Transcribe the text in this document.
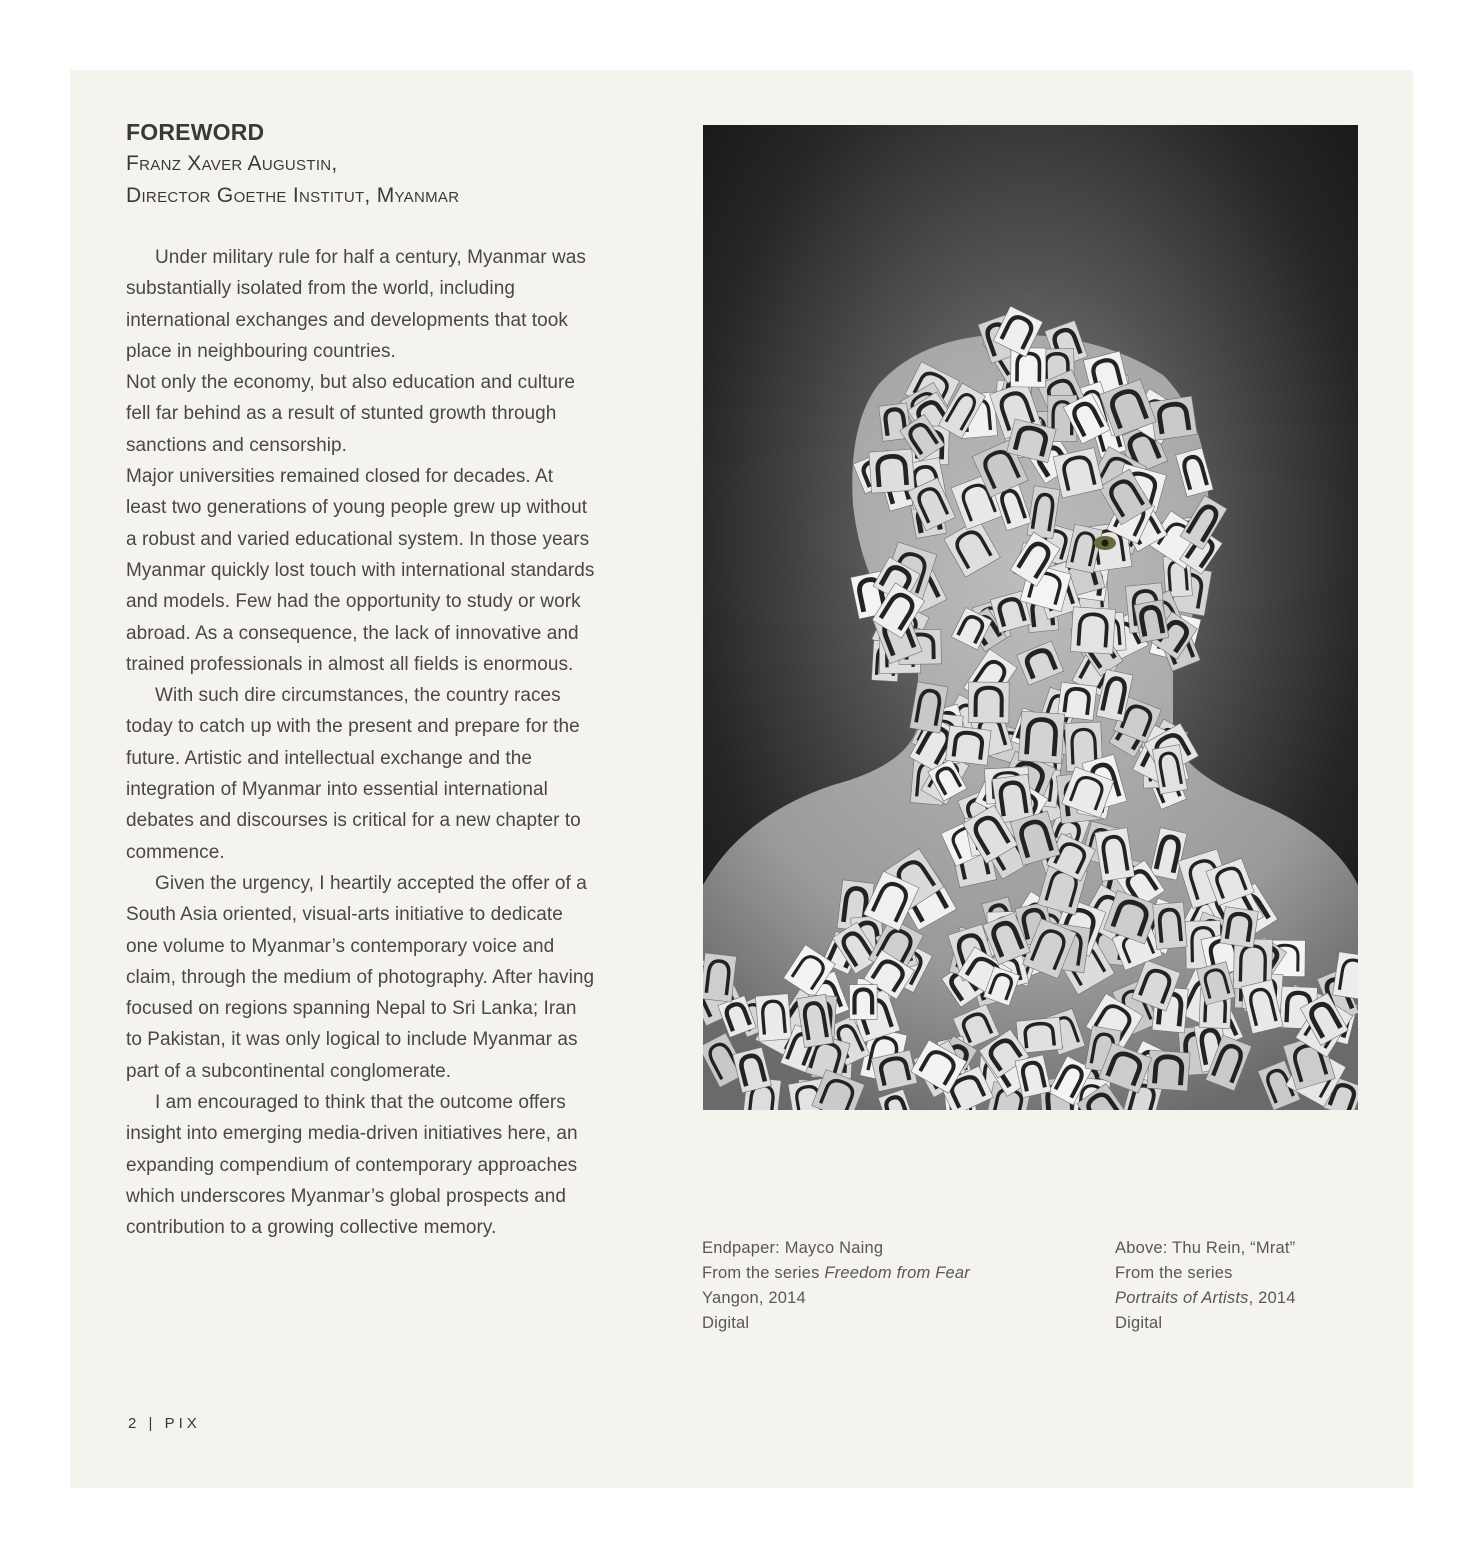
FOREWORD

Franz Xaver Augustin,

Director Goethe Institut, Myanmar

Under military rule for half a century, Myanmar was substantially isolated from the world, including international exchanges and developments that took place in neighbouring countries.

Not only the economy, but also education and culture fell far behind as a result of stunted growth through sanctions and censorship.

Major universities remained closed for decades. At least two generations of young people grew up without a robust and varied educational system. In those years Myanmar quickly lost touch with international standards and models. Few had the opportunity to study or work abroad. As a consequence, the lack of innovative and trained professionals in almost all fields is enormous.

With such dire circumstances, the country races today to catch up with the present and prepare for the future. Artistic and intellectual exchange and the integration of Myanmar into essential international debates and discourses is critical for a new chapter to commence.

Given the urgency, I heartily accepted the offer of a South Asia oriented, visual-arts initiative to dedicate one volume to Myanmar’s contemporary voice and claim, through the medium of photography. After having focused on regions spanning Nepal to Sri Lanka; Iran to Pakistan, it was only logical to include Myanmar as part of a subcontinental conglomerate.

I am encouraged to think that the outcome offers insight into emerging media-driven initiatives here, an expanding compendium of contemporary approaches which underscores Myanmar’s global prospects and contribution to a growing collective memory.

Endpaper: Mayco Naing
From the series Freedom from Fear
Yangon, 2014
Digital
Above: Thu Rein, “Mrat”
From the series
Portraits of Artists, 2014
Digital
2 | PIX
